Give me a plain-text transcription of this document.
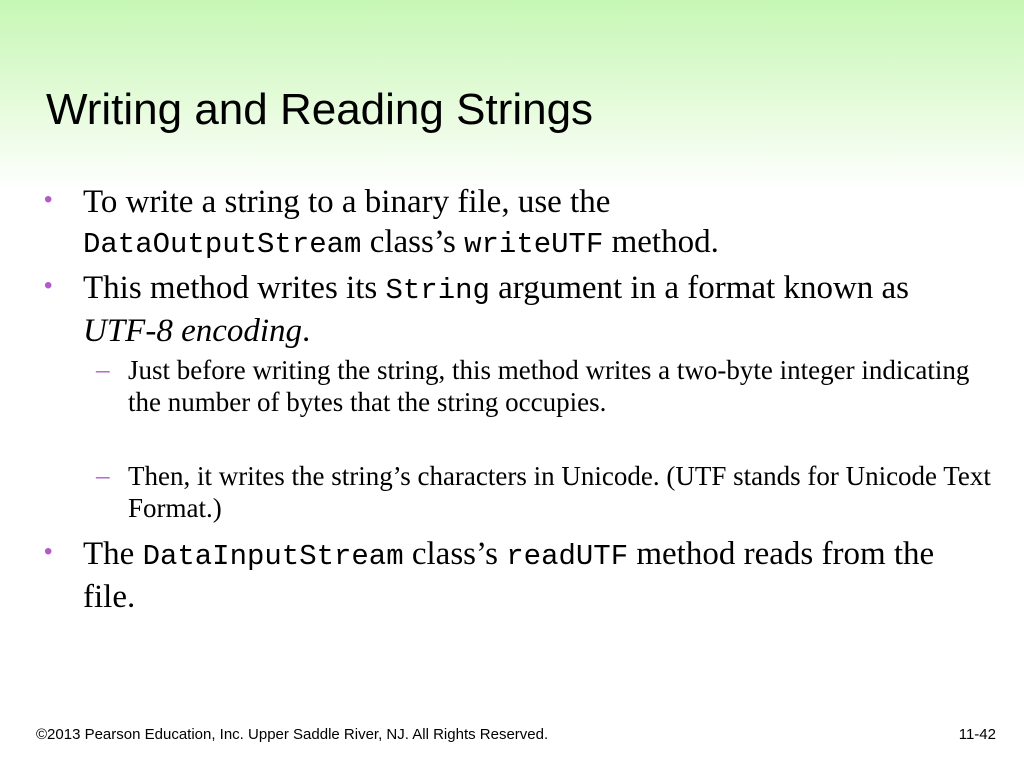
Writing and Reading Strings
• To write a string to a binary file, use the
DataOutputStream class’s writeUTF method.
• This method writes its String argument in a format known as UTF-8 encoding.
– Just before writing the string, this method writes a two-byte integer indicating the number of bytes that the string occupies.
– Then, it writes the string’s characters in Unicode. (UTF stands for Unicode Text Format.)
• The DataInputStream class’s readUTF method reads from the file.
©2013 Pearson Education, Inc. Upper Saddle River, NJ. All Rights Reserved.	11-42
